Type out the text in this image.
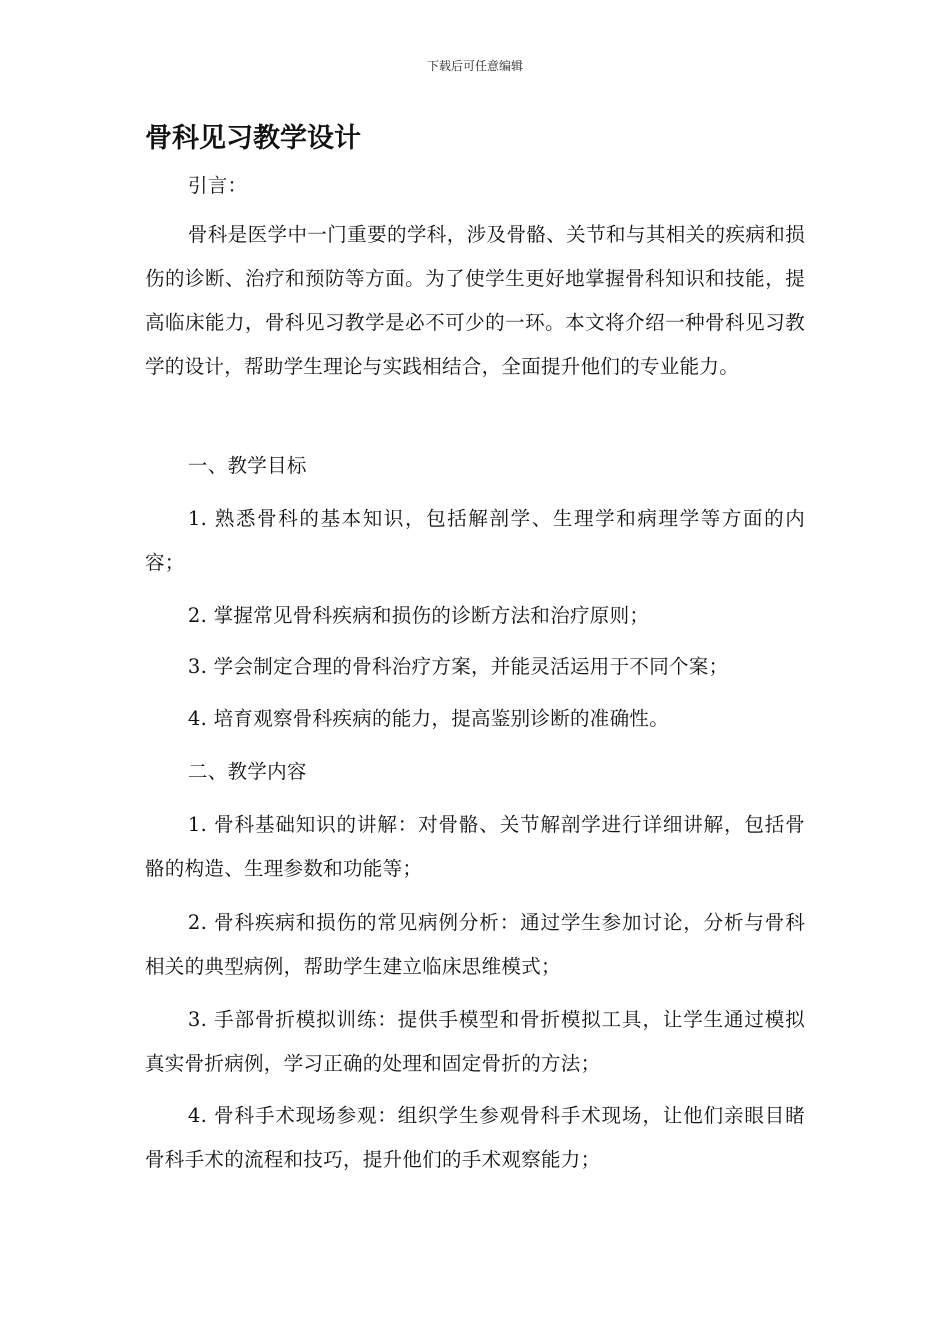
下载后可任意编辑
骨科见习教学设计

引言：

骨科是医学中一门重要的学科，涉及骨骼、关节和与其相关的疾病和损伤的诊断、治疗和预防等方面。为了使学生更好地掌握骨科知识和技能，提高临床能力，骨科见习教学是必不可少的一环。本文将介绍一种骨科见习教学的设计，帮助学生理论与实践相结合，全面提升他们的专业能力。

一、教学目标

1. 熟悉骨科的基本知识，包括解剖学、生理学和病理学等方面的内容；

2. 掌握常见骨科疾病和损伤的诊断方法和治疗原则；

3. 学会制定合理的骨科治疗方案，并能灵活运用于不同个案；

4. 培育观察骨科疾病的能力，提高鉴别诊断的准确性。

二、教学内容

1. 骨科基础知识的讲解：对骨骼、关节解剖学进行详细讲解，包括骨骼的构造、生理参数和功能等；

2. 骨科疾病和损伤的常见病例分析：通过学生参加讨论，分析与骨科相关的典型病例，帮助学生建立临床思维模式；

3. 手部骨折模拟训练：提供手模型和骨折模拟工具，让学生通过模拟真实骨折病例，学习正确的处理和固定骨折的方法；

4. 骨科手术现场参观：组织学生参观骨科手术现场，让他们亲眼目睹骨科手术的流程和技巧，提升他们的手术观察能力；
